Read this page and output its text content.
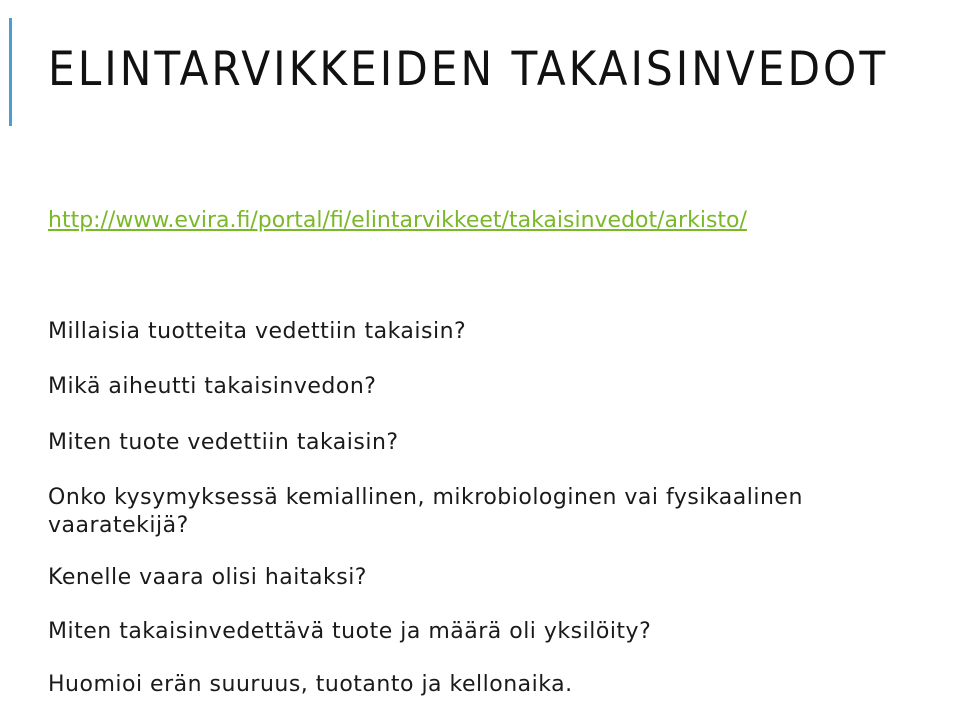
ELINTARVIKKEIDEN TAKAISINVEDOT
http://www.evira.fi/portal/fi/elintarvikkeet/takaisinvedot/arkisto/
Millaisia tuotteita vedettiin takaisin?
Mikä aiheutti takaisinvedon?
Miten tuote vedettiin takaisin?
Onko kysymyksessä kemiallinen, mikrobiologinen vai fysikaalinen vaaratekijä?
Kenelle vaara olisi haitaksi?
Miten takaisinvedettävä tuote ja määrä oli yksilöity?
Huomioi erän suuruus, tuotanto ja kellonaika.
